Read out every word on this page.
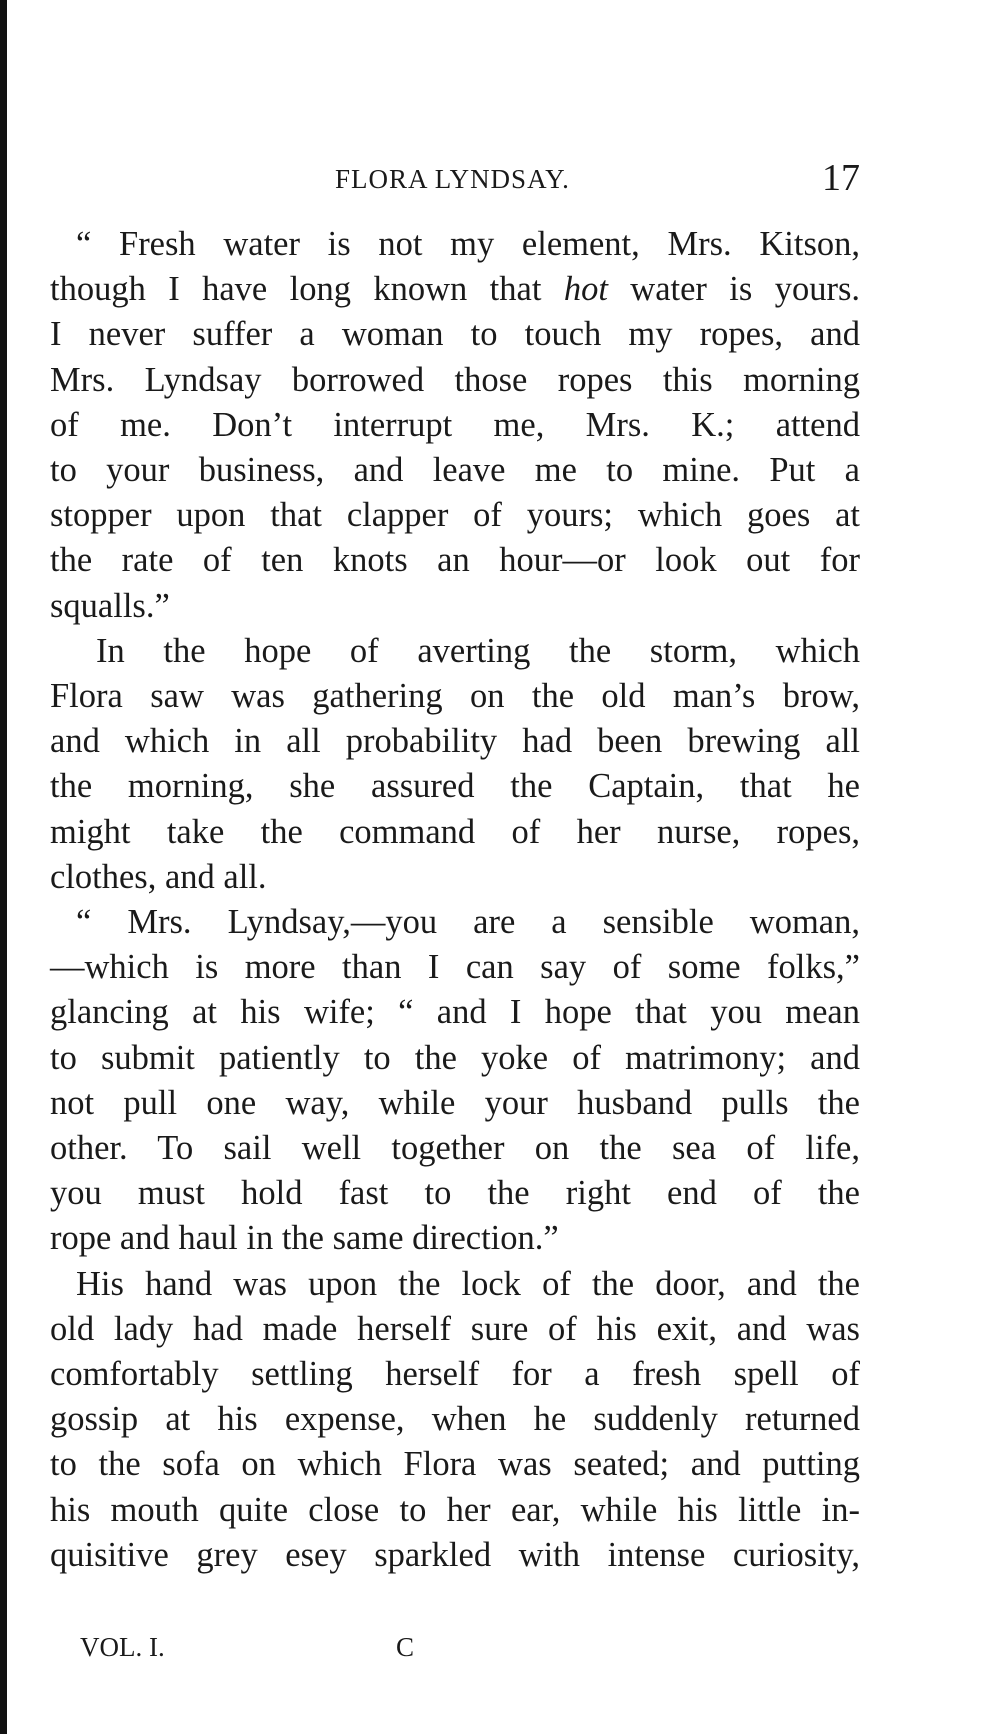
FLORA LYNDSAY.	17
“ Fresh water is not my element, Mrs. Kitson,
though I have long known that hot water is yours.
I never suffer a woman to touch my ropes, and
Mrs. Lyndsay borrowed those ropes this morning
of me. Don’t interrupt me, Mrs. K.; attend
to your business, and leave me to mine. Put a
stopper upon that clapper of yours; which goes at
the rate of ten knots an hour—or look out for
squalls.”
In the hope of averting the storm, which
Flora saw was gathering on the old man’s brow,
and which in all probability had been brewing all
the morning, she assured the Captain, that he
might take the command of her nurse, ropes,
clothes, and all.
“ Mrs. Lyndsay,—you are a sensible woman,
—which is more than I can say of some folks,”
glancing at his wife; “ and I hope that you mean
to submit patiently to the yoke of matrimony; and
not pull one way, while your husband pulls the
other. To sail well together on the sea of life,
you must hold fast to the right end of the
rope and haul in the same direction.”
His hand was upon the lock of the door, and the
old lady had made herself sure of his exit, and was
comfortably settling herself for a fresh spell of
gossip at his expense, when he suddenly returned
to the sofa on which Flora was seated; and putting
his mouth quite close to her ear, while his little in-
quisitive grey esey sparkled with intense curiosity,
VOL. I.	C
